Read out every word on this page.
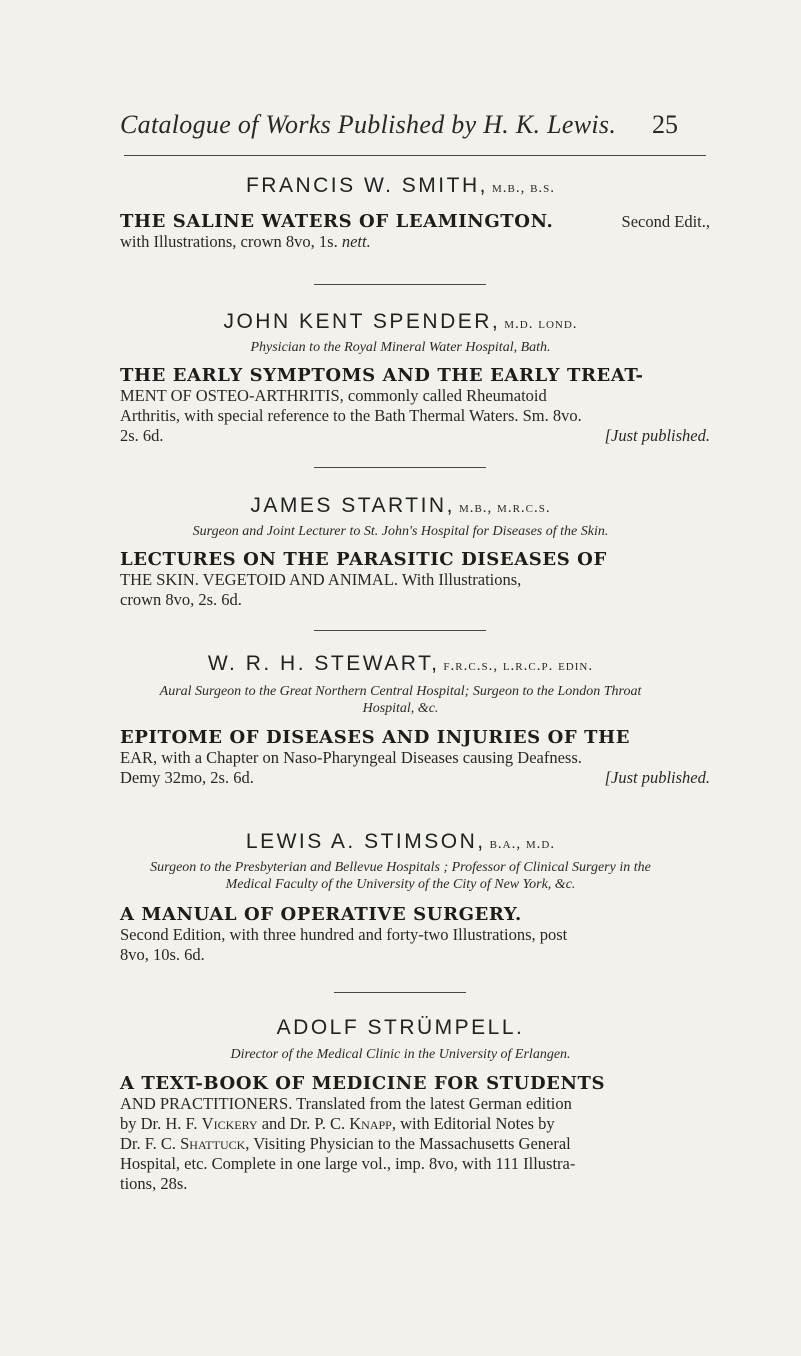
Catalogue of Works Published by H. K. Lewis. 25
FRANCIS W. SMITH, m.b., b.s.
THE SALINE WATERS OF LEAMINGTON.	Second Edit.,
with Illustrations, crown 8vo, 1s. nett.
JOHN KENT SPENDER, m.d. lond.
Physician to the Royal Mineral Water Hospital, Bath.
THE EARLY SYMPTOMS AND THE EARLY TREAT-
MENT OF OSTEO-ARTHRITIS, commonly called Rheumatoid
Arthritis, with special reference to the Bath Thermal Waters. Sm. 8vo.
2s. 6d.	[Just published.
JAMES STARTIN, m.b., m.r.c.s.
Surgeon and Joint Lecturer to St. John's Hospital for Diseases of the Skin.
LECTURES ON THE PARASITIC DISEASES OF
THE SKIN. VEGETOID AND ANIMAL. With Illustrations,
crown 8vo, 2s. 6d.
W. R. H. STEWART, f.r.c.s., l.r.c.p. edin.
Aural Surgeon to the Great Northern Central Hospital; Surgeon to the London Throat
Hospital, &c.
EPITOME OF DISEASES AND INJURIES OF THE
EAR, with a Chapter on Naso-Pharyngeal Diseases causing Deafness.
Demy 32mo, 2s. 6d.	[Just published.
LEWIS A. STIMSON, b.a., m.d.
Surgeon to the Presbyterian and Bellevue Hospitals ; Professor of Clinical Surgery in the
Medical Faculty of the University of the City of New York, &c.
A MANUAL OF OPERATIVE SURGERY.
Second Edition, with three hundred and forty-two Illustrations, post
8vo, 10s. 6d.
ADOLF STRÜMPELL.
Director of the Medical Clinic in the University of Erlangen.
A TEXT-BOOK OF MEDICINE FOR STUDENTS
AND PRACTITIONERS. Translated from the latest German edition
by Dr. H. F. Vickery and Dr. P. C. Knapp, with Editorial Notes by
Dr. F. C. Shattuck, Visiting Physician to the Massachusetts General
Hospital, etc. Complete in one large vol., imp. 8vo, with 111 Illustra-
tions, 28s.
